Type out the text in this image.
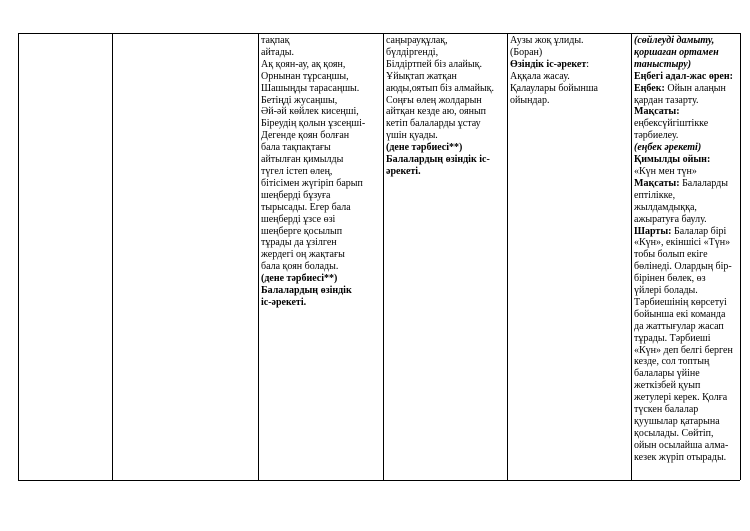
тақпақ
айтады.
Ақ қоян-ау, ақ қоян,
Орнынан тұрсаңшы,
Шашыңды тарасаңшы.
Бетіңді жусаңшы,
Әй-әй көйлек кисеңші,
Біреудің қолын ұзсеңші-
Дегенде қоян болған
бала тақпақтағы
айтылған қимылды
түгел істеп өлең,
бітісімен жүгіріп барып
шеңберді бұзуға
тырысады. Егер бала
шеңберді ұзсе өзі
шеңберге қосылып
тұрады да ұзілген
жердегі оң жақтағы
бала қоян болады.
(дене тәрбиесі**)
Балалардың өзіндік
іс-әрекеті.
саңырауқұлақ,
бүлдіргенді,
Білдіртпей біз алайық.
Ұйықтап жатқан
аюды,оятып біз алмайық.
Соңғы өлең жолдарын
айтқан кезде аю, оянып
кетіп балаларды ұстау
үшін қуады.
(дене тәрбиесі**)
Балалардың өзіндік іс-
әрекеті.
Аузы жоқ ұлиды.
(Боран)
Өзіндік іс-әрекет:
Аққала жасау.
Қалаулары бойынша
ойындар.
(сөйлеуді дамыту,
қоршаған ортамен
таныстыру)
Еңбегі адал-жас өрен:
Еңбек: Ойын алаңын
қардан тазарту.
Мақсаты:
еңбексүйгіштікке
тәрбиелеу.
(еңбек әрекеті)
Қимылды ойын:
«Күн мен түн»
Мақсаты: Балаларды
ептілікке,
жылдамдыққа,
ажыратуға баулу.
Шарты: Балалар бірі
«Күн», екіншісі «Түн»
тобы болып екіге
бөлінеді. Олардың бір-
бірінен бөлек, өз
үйлері болады.
Тәрбиешінің көрсетуі
бойынша екі команда
да жаттығулар жасап
тұрады. Тәрбиеші
«Күн» деп белгі берген
кезде, сол топтың
балалары үйіне
жеткізбей қуып
жетулері керек. Қолға
түскен балалар
қуушылар қатарына
қосылады. Сөйтіп,
ойын осылайша алма-
кезек жүріп отырады.
